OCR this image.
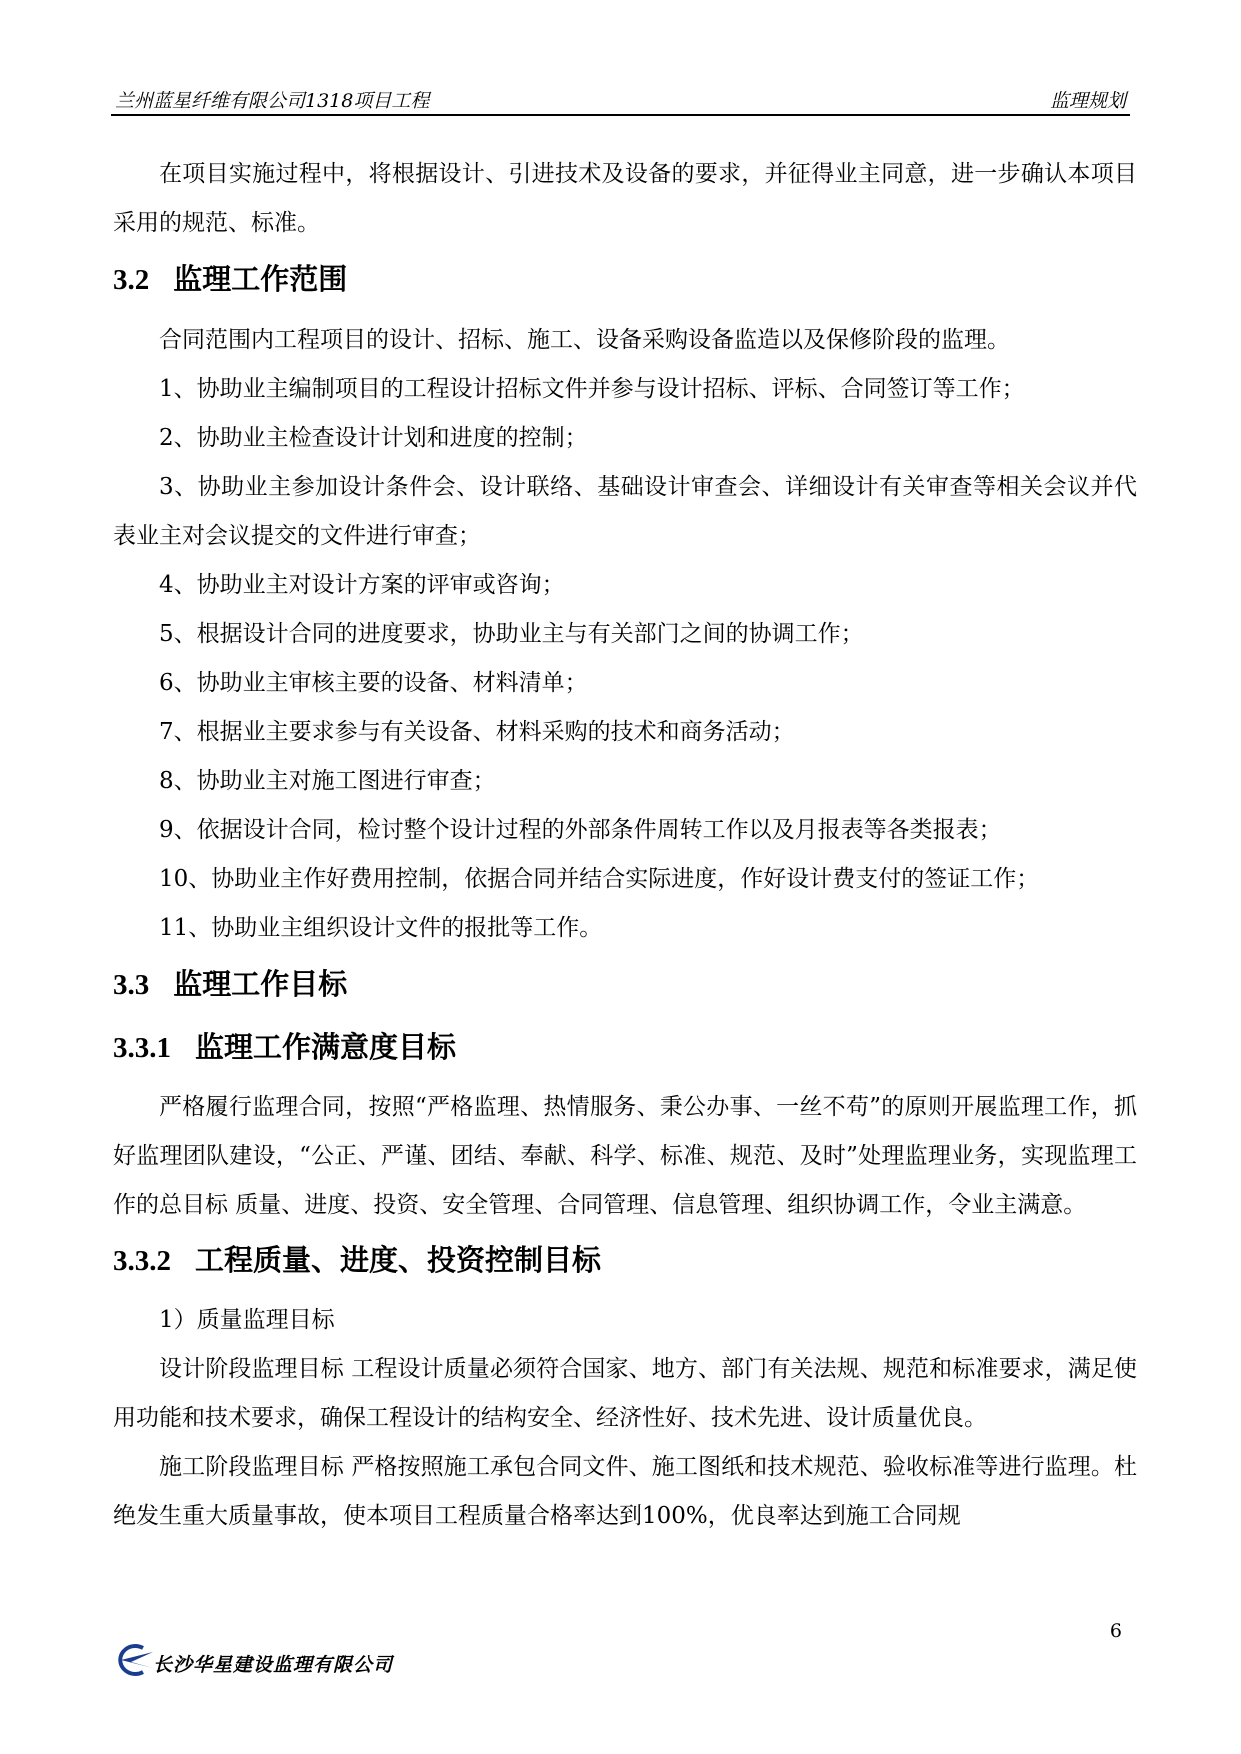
兰州蓝星纤维有限公司1318项目工程	监理规划

在项目实施过程中，将根据设计、引进技术及设备的要求，并征得业主同意，进一步确认本项目采用的规范、标准。

3.2 监理工作范围

合同范围内工程项目的设计、招标、施工、设备采购设备监造以及保修阶段的监理。

1、协助业主编制项目的工程设计招标文件并参与设计招标、评标、合同签订等工作；

2、协助业主检查设计计划和进度的控制；

3、协助业主参加设计条件会、设计联络、基础设计审查会、详细设计有关审查等相关会议并代表业主对会议提交的文件进行审查；

4、协助业主对设计方案的评审或咨询；

5、根据设计合同的进度要求，协助业主与有关部门之间的协调工作；

6、协助业主审核主要的设备、材料清单；

7、根据业主要求参与有关设备、材料采购的技术和商务活动；

8、协助业主对施工图进行审查；

9、依据设计合同，检讨整个设计过程的外部条件周转工作以及月报表等各类报表；

10、协助业主作好费用控制，依据合同并结合实际进度，作好设计费支付的签证工作；

11、协助业主组织设计文件的报批等工作。

3.3 监理工作目标
3.3.1 监理工作满意度目标

严格履行监理合同，按照“严格监理、热情服务、秉公办事、一丝不苟”的原则开展监理工作，抓好监理团队建设，“公正、严谨、团结、奉献、科学、标准、规范、及时”处理监理业务，实现监理工作的总目标 质量、进度、投资、安全管理、合同管理、信息管理、组织协调工作，令业主满意。

3.3.2 工程质量、进度、投资控制目标

1）质量监理目标

设计阶段监理目标 工程设计质量必须符合国家、地方、部门有关法规、规范和标准要求，满足使用功能和技术要求，确保工程设计的结构安全、经济性好、技术先进、设计质量优良。

施工阶段监理目标 严格按照施工承包合同文件、施工图纸和技术规范、验收标准等进行监理。杜绝发生重大质量事故，使本项目工程质量合格率达到100%，优良率达到施工合同规

6
长沙华星建设监理有限公司
